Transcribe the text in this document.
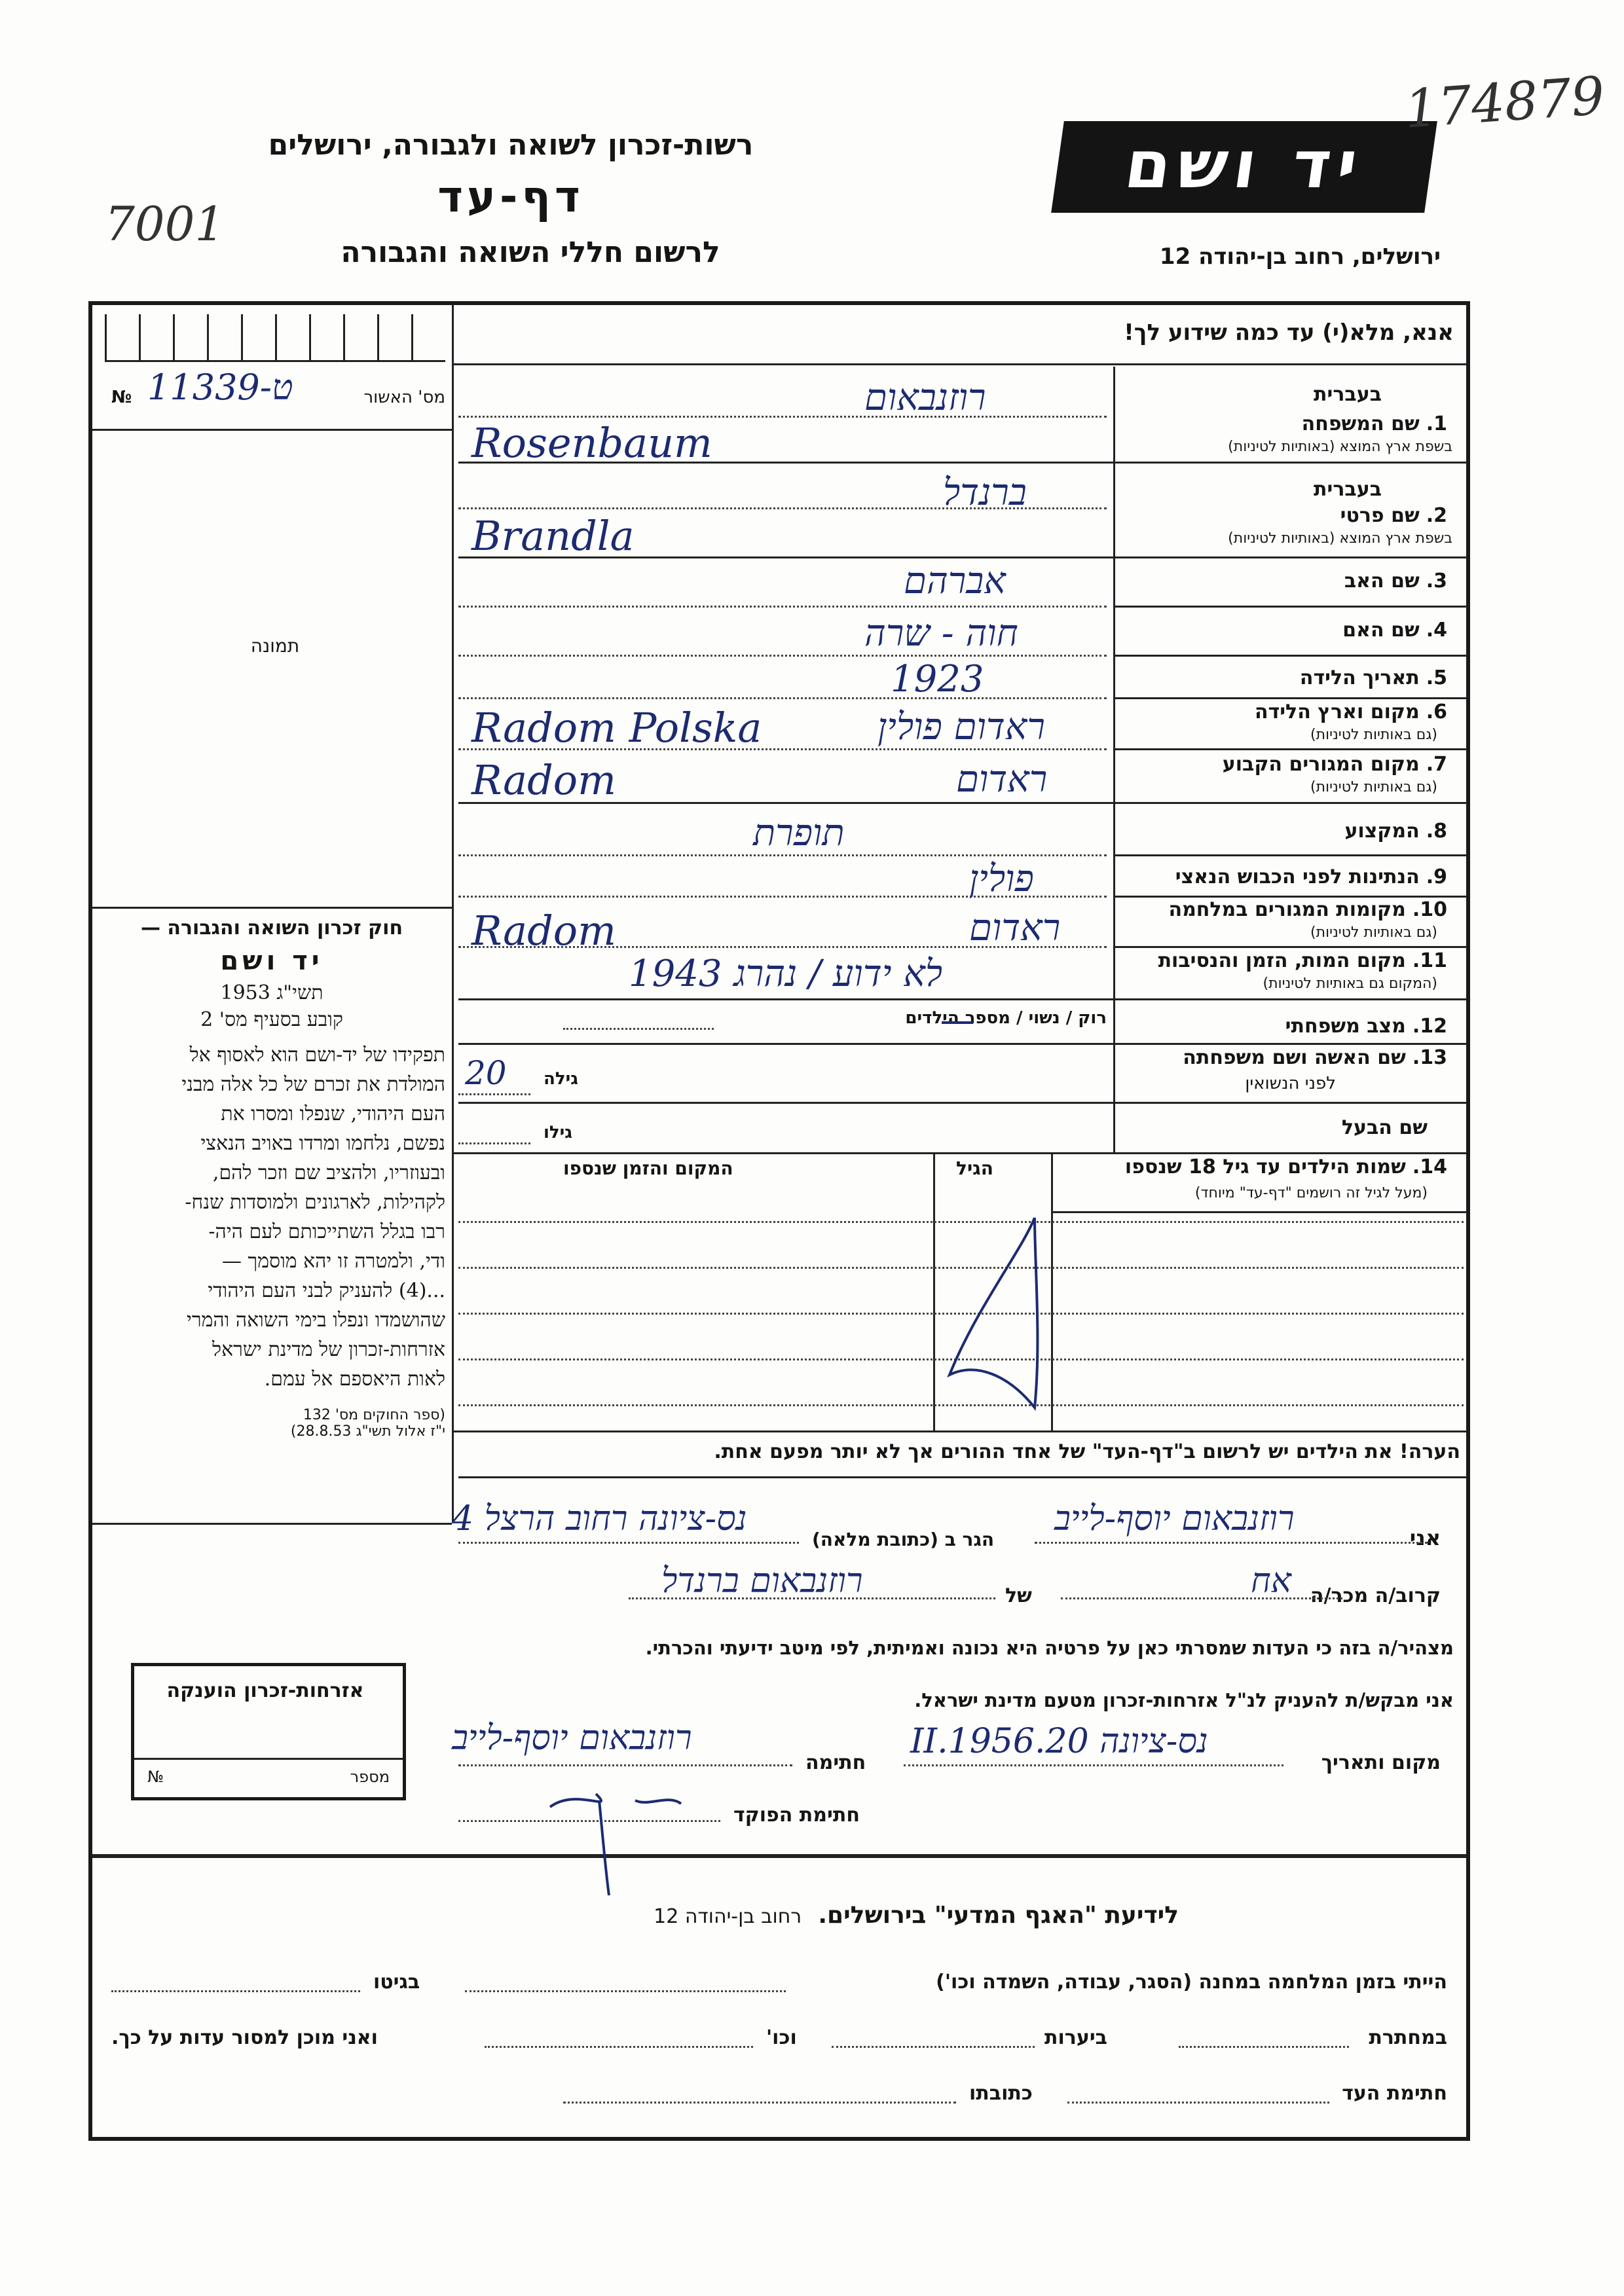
רשות-זכרון לשואה ולגבורה, ירושלים
דף-עד
לרשום חללי השואה והגבורה
7001
יד ושם
174879
ירושלים, רחוב בן-יהודה 12
מס' האשור
№ 11339-ט
תמונה
חוק זכרון השואה והגבורה —
יד ושם
1953 תשי"ג
קובע בסעיף מס' 2
תפקידו של יד-ושם הוא לאסוף אל
המולדת את זכרם של כל אלה מבני
העם היהודי, שנפלו ומסרו את
נפשם, נלחמו ומרדו באויב הנאצי
ובעוזריו, ולהציב שם וזכר להם,
לקהילות, לארגונים ולמוסדות שנח-
רבו בגלל השתייכותם לעם היה-
ודי, ולמטרה זו יהא מוסמך —
...(4) להעניק לבני העם היהודי
שהושמדו ונפלו בימי השואה והמרי
אזרחות-זכרון של מדינת ישראל
לאות היאספם אל עמם.
(ספר החוקים מס' 132
י"ז אלול תשי"ג 28.8.53)
אנא, מלא(י) עד כמה שידוע לך!
בעברית
1.
שם המשפחה
בשפת ארץ המוצא (באותיות לטיניות)
בעברית
2.
שם פרטי
בשפת ארץ המוצא (באותיות לטיניות)
3.
שם האב
4.
שם האם
5.
תאריך הלידה
6.
מקום וארץ הלידה
(גם באותיות לטיניות)
7.
מקום המגורים הקבוע
(גם באותיות לטיניות)
8.
המקצוע
9.
הנתינות לפני הכבוש הנאצי
10.
מקומות המגורים במלחמה
(גם באותיות לטיניות)
11.
מקום המות, הזמן והנסיבות
(המקום גם באותיות לטיניות)
12.
מצב משפחתי
13.
שם האשה ושם משפחתה
לפני הנשואין
שם הבעל
רוזנבאום
Rosenbaum
ברנדל
Brandla
אברהם
חוה - שרה
1923
ראדום פולין
Radom Polska
ראדום
Radom
תופרת
פולין
ראדום
Radom
לא ידוע / נהרג 1943
רוק / נשוי / מספר הילדים
גילה
20
גילו
14.
שמות הילדים עד גיל 18 שנספו
(מעל לגיל זה רושמים "דף-עד" מיוחד)
הגיל
המקום והזמן שנספו
הערה! את הילדים יש לרשום ב"דף-העד" של אחד ההורים אך לא יותר מפעם אחת.
אני
רוזנבאום יוסף-לייב
הגר ב (כתובת מלאה)
נס-ציונה רחוב הרצל 4
קרוב/ה מכר/ה
אח
של
רוזנבאום ברנדל
מצהיר/ה בזה כי העדות שמסרתי כאן על פרטיה היא נכונה ואמיתית, לפי מיטב ידיעתי והכרתי.
אני מבקש/ת להעניק לנ"ל אזרחות-זכרון מטעם מדינת ישראל.
מקום ותאריך
נס-ציונה 20.II.1956
חתימה
רוזנבאום יוסף-לייב
חתימת הפוקד
אזרחות-זכרון הוענקה
מספר
№
לידיעת "האגף המדעי" בירושלים. רחוב בן-יהודה 12
הייתי בזמן המלחמה במחנה (הסגר, עבודה, השמדה וכו')
בגיטו
במחתרת
ביערות
וכו'
ואני מוכן למסור עדות על כך.
חתימת העד
כתובתו
